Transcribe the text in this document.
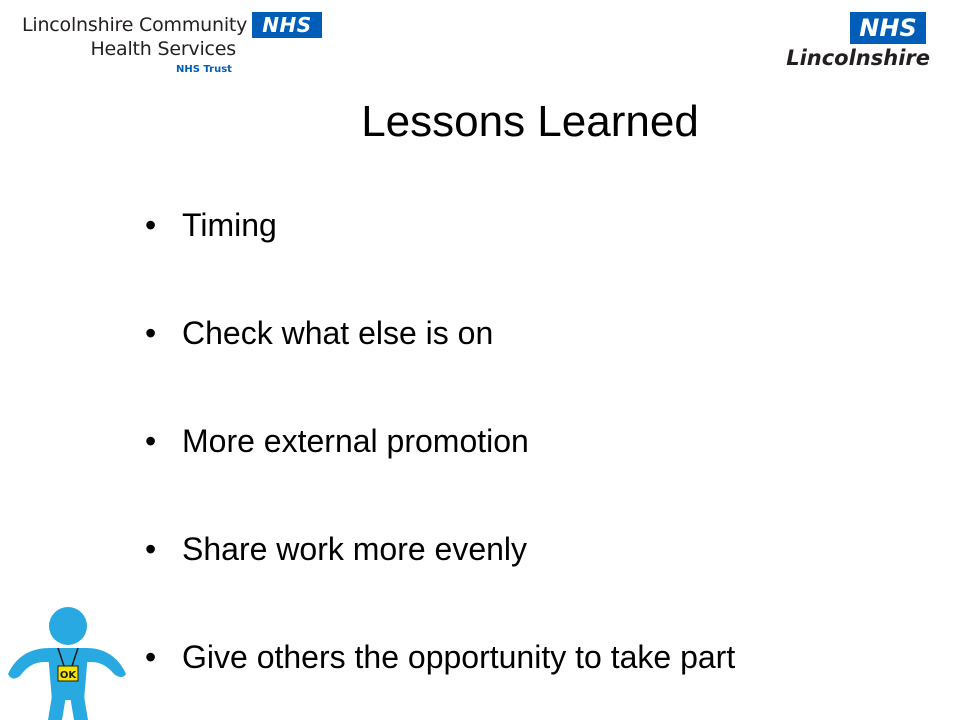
Lincolnshire Community
Health Services
NHS Trust
NHS	NHS
Lincolnshire
Lessons Learned
• Timing
• Check what else is on
• More external promotion
• Share work more evenly
• Give others the opportunity to take part
OK
